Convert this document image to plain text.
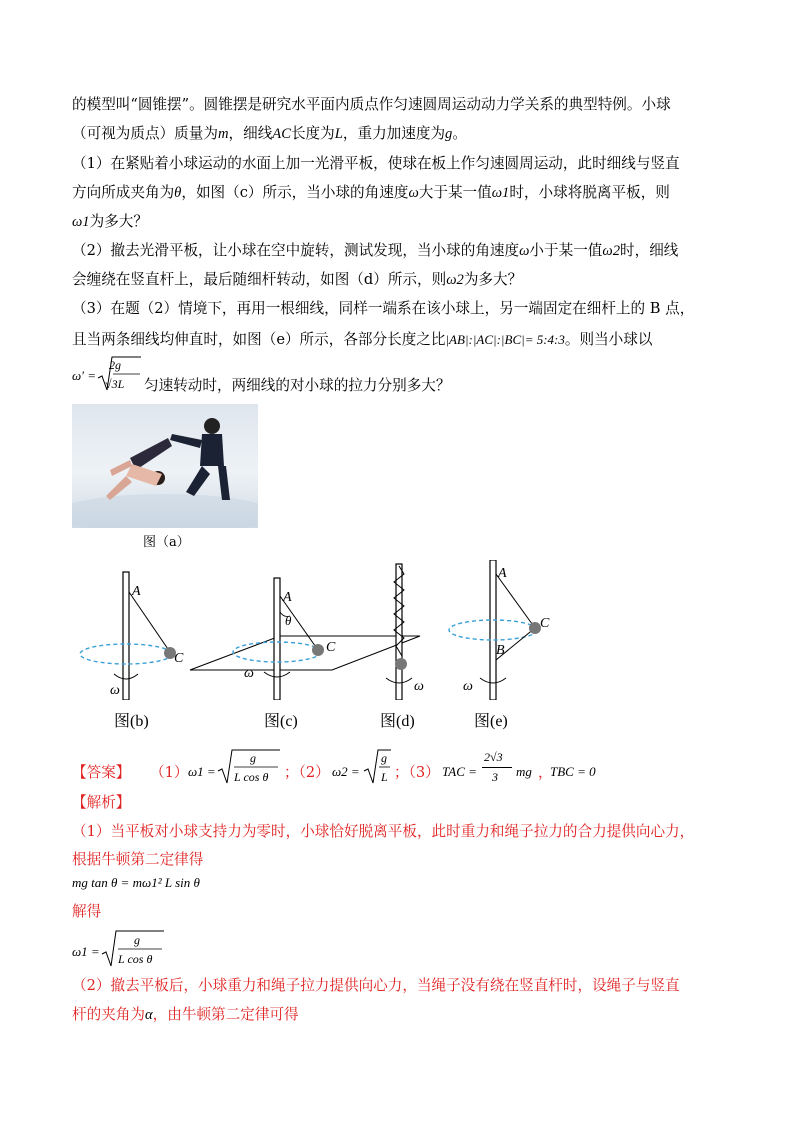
的模型叫“圆锥摆”。圆锥摆是研究水平面内质点作匀速圆周运动动力学关系的典型特例。小球
（可视为质点）质量为m，细线AC长度为L，重力加速度为g。
（1）在紧贴着小球运动的水面上加一光滑平板，使球在板上作匀速圆周运动，此时细线与竖直
方向所成夹角为θ，如图（c）所示，当小球的角速度ω大于某一值ω1时，小球将脱离平板，则
ω1为多大？
（2）撤去光滑平板，让小球在空中旋转，测试发现，当小球的角速度ω小于某一值ω2时，细线
会缠绕在竖直杆上，最后随细杆转动，如图（d）所示，则ω2为多大？
（3）在题（2）情境下，再用一根细线，同样一端系在该小球上，另一端固定在细杆上的 B 点，
且当两条细线均伸直时，如图（e）所示，各部分长度之比|AB|:|AC|:|BC|= 5:4:3。则当小球以
ω′ =
2g
√3L 匀速转动时，两细线的对小球的拉力分别多大？
图（a）
A
C
ω
A
θ
C
ω
ω
A
C
B
ω
图(b)	图(c)	图(d)	图(e)
【答案】 （1） ω1 =
g
L cos θ ；（2） ω2 =
g
L ；（3） TAC =
2√3
3 mg ，
TBC = 0
【解析】
（1）当平板对小球支持力为零时，小球恰好脱离平板，此时重力和绳子拉力的合力提供向心力，
根据牛顿第二定律得
mg tan θ = mω1² L sin θ
解得
ω1 =
g
L cos θ
（2）撤去平板后，小球重力和绳子拉力提供向心力，当绳子没有绕在竖直杆时，设绳子与竖直
杆的夹角为α，由牛顿第二定律可得
